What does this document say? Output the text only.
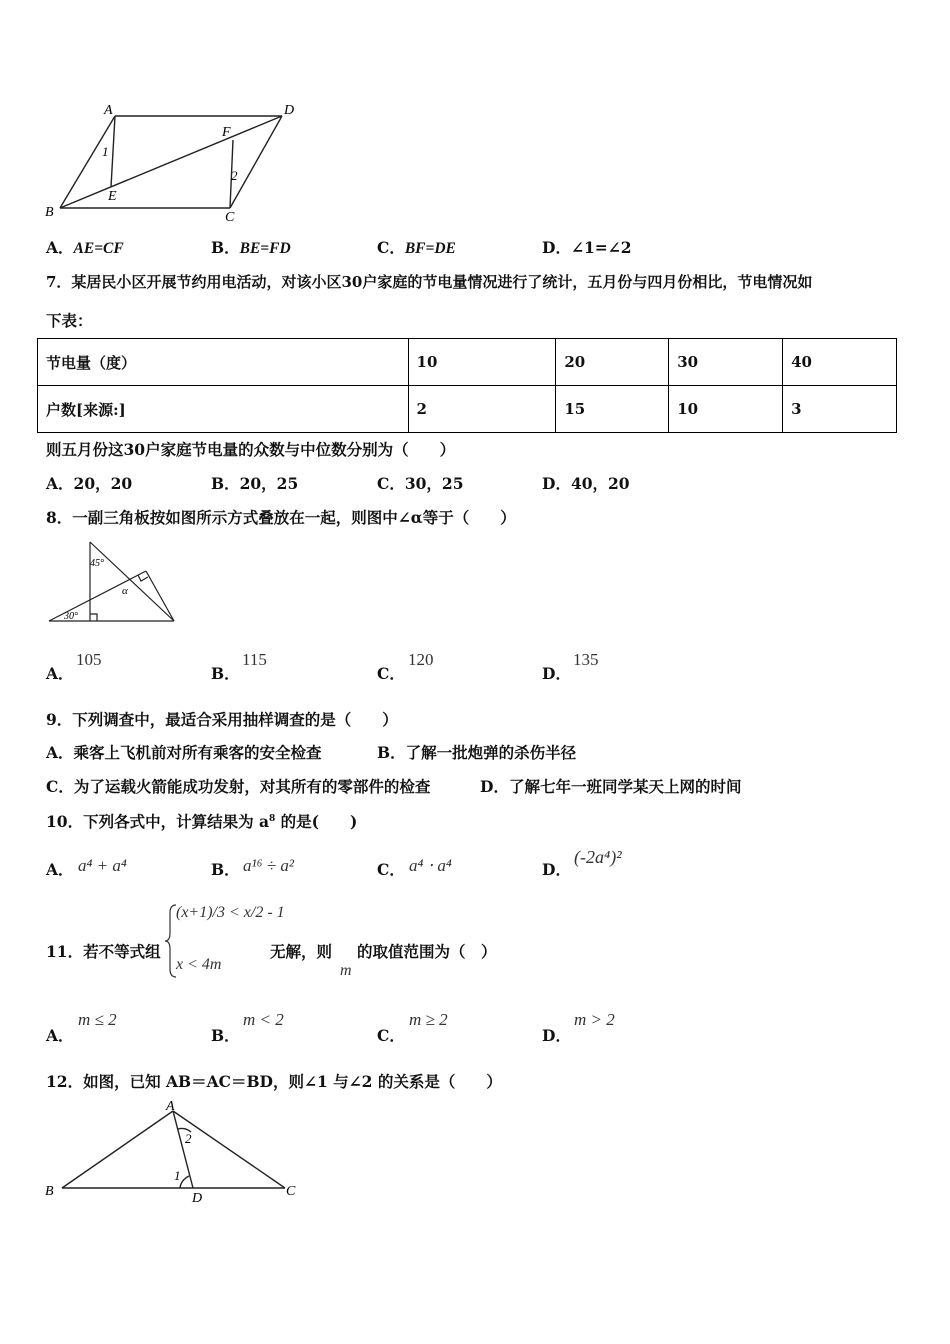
A	D
F
B
E
C
1
2
A．AE=CF	B．BE=FD	C．BF=DE	D．∠1=∠2
7．某居民小区开展节约用电活动，对该小区30户家庭的节电量情况进行了统计，五月份与四月份相比，节电情况如
下表：
节电量（度）	10	20	30	40
户数[来源:]	2	15	10	3
则五月份这30户家庭节电量的众数与中位数分别为（　　）
A．20，20	B．20，25	C．30，25	D．40，20
8．一副三角板按如图所示方式叠放在一起，则图中∠α等于（　　）
45°
α
30°
A．
105
B．
115
C．
120
D．
135
9．下列调查中，最适合采用抽样调查的是（　　）
A．乘客上飞机前对所有乘客的安全检查	B．了解一批炮弹的杀伤半径
C．为了运载火箭能成功发射，对其所有的零部件的检查	D．了解七年一班同学某天上网的时间
10．下列各式中，计算结果为 $a^8$ 的是(　　)
A． a⁴ + a⁴	B． a¹⁶ ÷ a²	C． a⁴ ⋅ a⁴	D．
(-2a⁴)²
11．若不等式组
(x+1)/3 < x/2 - 1
x < 4m
无解，则
m
的取值范围为（　）
A．
m ≤ 2
B．
m < 2
C．
m ≥ 2
D．
m > 2
12．如图，已知 AB＝AC＝BD，则∠1 与∠2 的关系是（　　）
A
B	C
D
1
2
